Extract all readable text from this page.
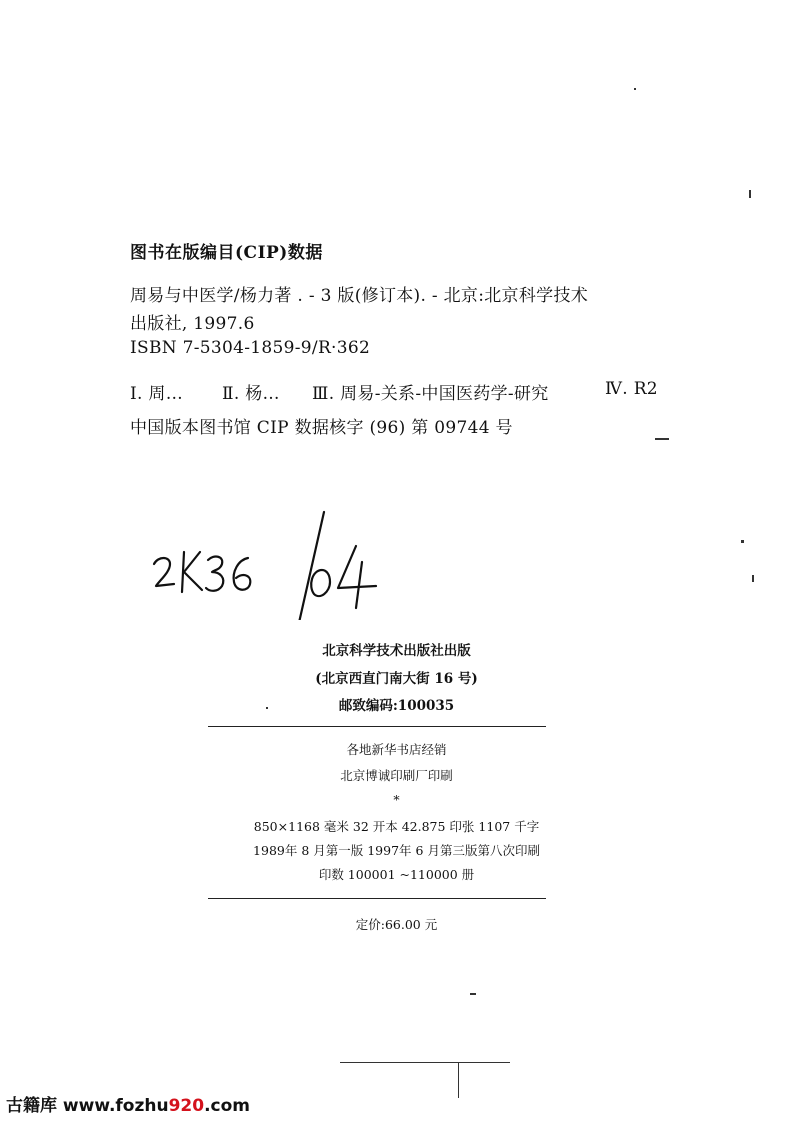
图书在版编目(CIP)数据
周易与中医学/杨力著 . - 3 版(修订本). - 北京:北京科学技术
出版社, 1997.6
ISBN 7-5304-1859-9/R·362
Ⅰ. 周… Ⅱ. 杨… Ⅲ. 周易-关系-中国医药学-研究	Ⅳ. R2
中国版本图书馆 CIP 数据核字 (96) 第 09744 号
北京科学技术出版社出版
(北京西直门南大街 16 号)
邮致编码:100035
各地新华书店经销
北京博诚印刷厂印刷
*
850×1168 毫米 32 开本 42.875 印张 1107 千字
1989年 8 月第一版 1997年 6 月第三版第八次印刷
印数 100001 ~110000 册
定价:66.00 元
古籍库 www.fozhu920.com
